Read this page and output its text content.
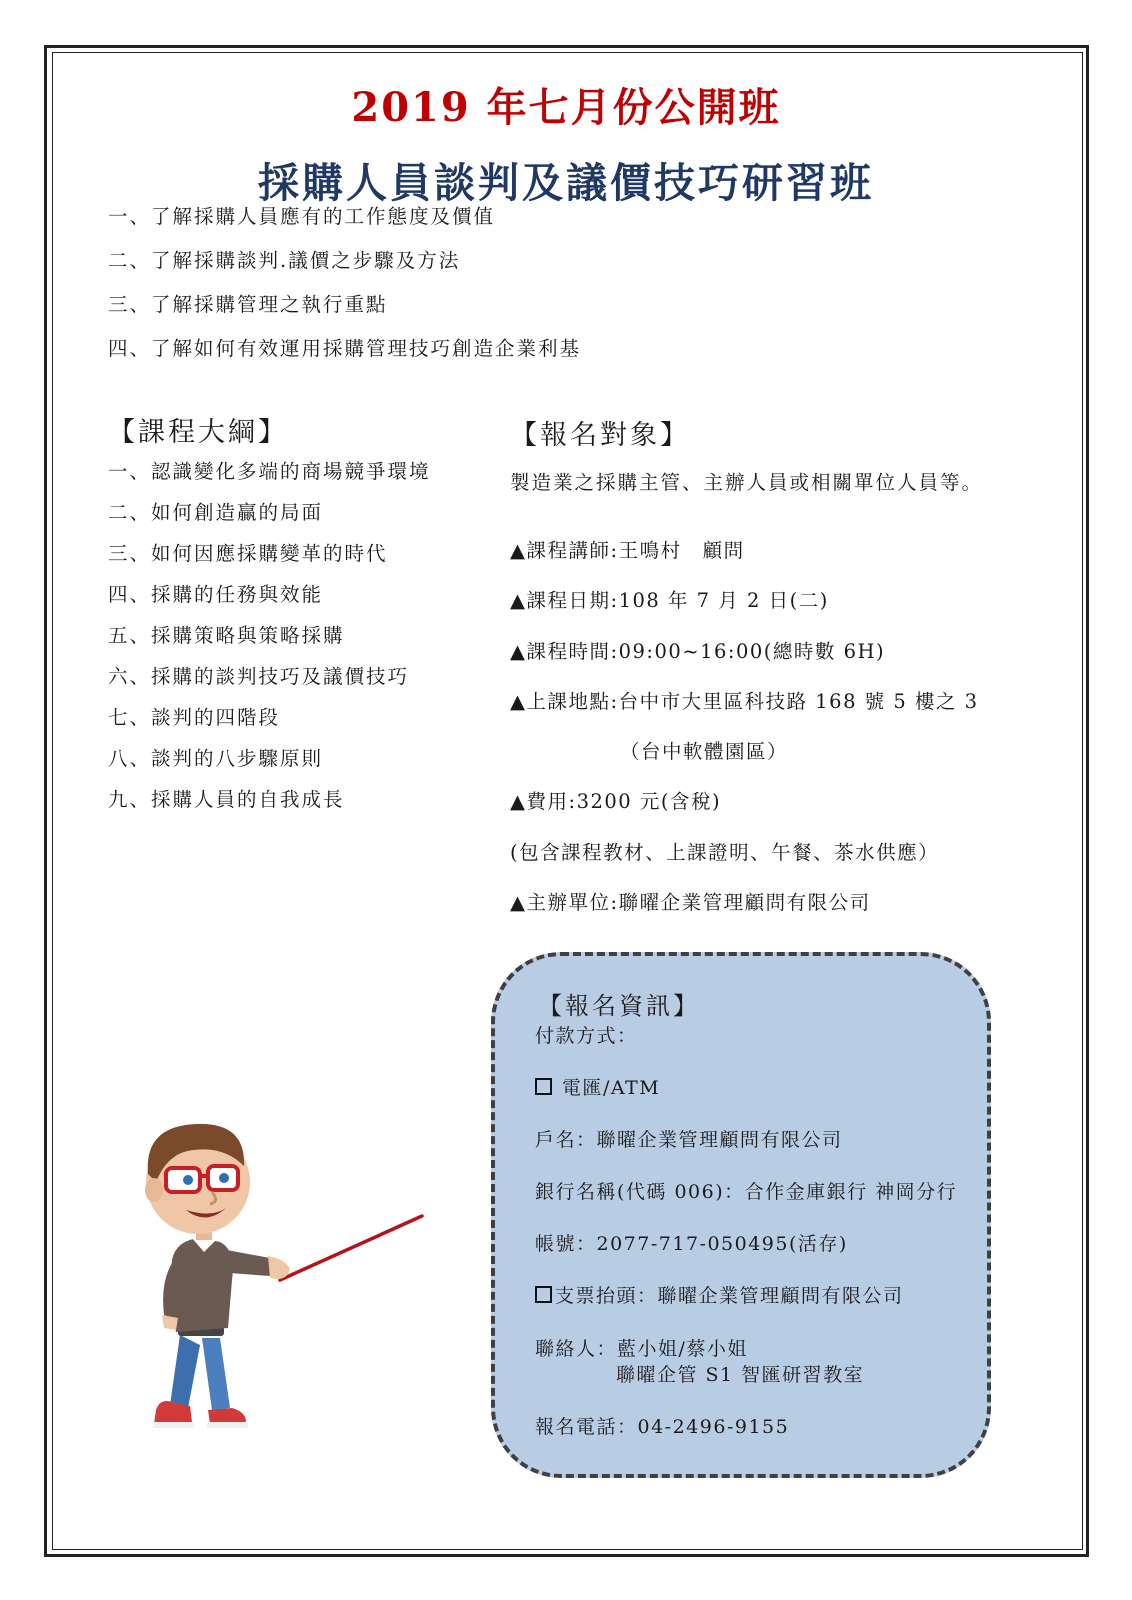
2019 年七月份公開班
採購人員談判及議價技巧研習班
一、了解採購人員應有的工作態度及價值
二、了解採購談判.議價之步驟及方法
三、了解採購管理之執行重點
四、了解如何有效運用採購管理技巧創造企業利基
【課程大綱】
一、認識變化多端的商場競爭環境
二、如何創造贏的局面
三、如何因應採購變革的時代
四、採購的任務與效能
五、採購策略與策略採購
六、採購的談判技巧及議價技巧
七、談判的四階段
八、談判的八步驟原則
九、採購人員的自我成長
【報名對象】
製造業之採購主管、主辦人員或相關單位人員等。
▲課程講師:王鳴村　顧問
▲課程日期:108 年 7 月 2 日(二)
▲課程時間:09:00~16:00(總時數 6H)
▲上課地點:台中市大里區科技路 168 號 5 樓之 3
（台中軟體園區）
▲費用:3200 元(含稅)
(包含課程教材、上課證明、午餐、茶水供應）
▲主辦單位:聯曜企業管理顧問有限公司
【報名資訊】
付款方式：
電匯/ATM
戶名：聯曜企業管理顧問有限公司
銀行名稱(代碼 006)：合作金庫銀行 神岡分行
帳號：2077-717-050495(活存)
支票抬頭：聯曜企業管理顧問有限公司
聯絡人：藍小姐/蔡小姐
聯曜企管 S1 智匯研習教室
報名電話：04-2496-9155
